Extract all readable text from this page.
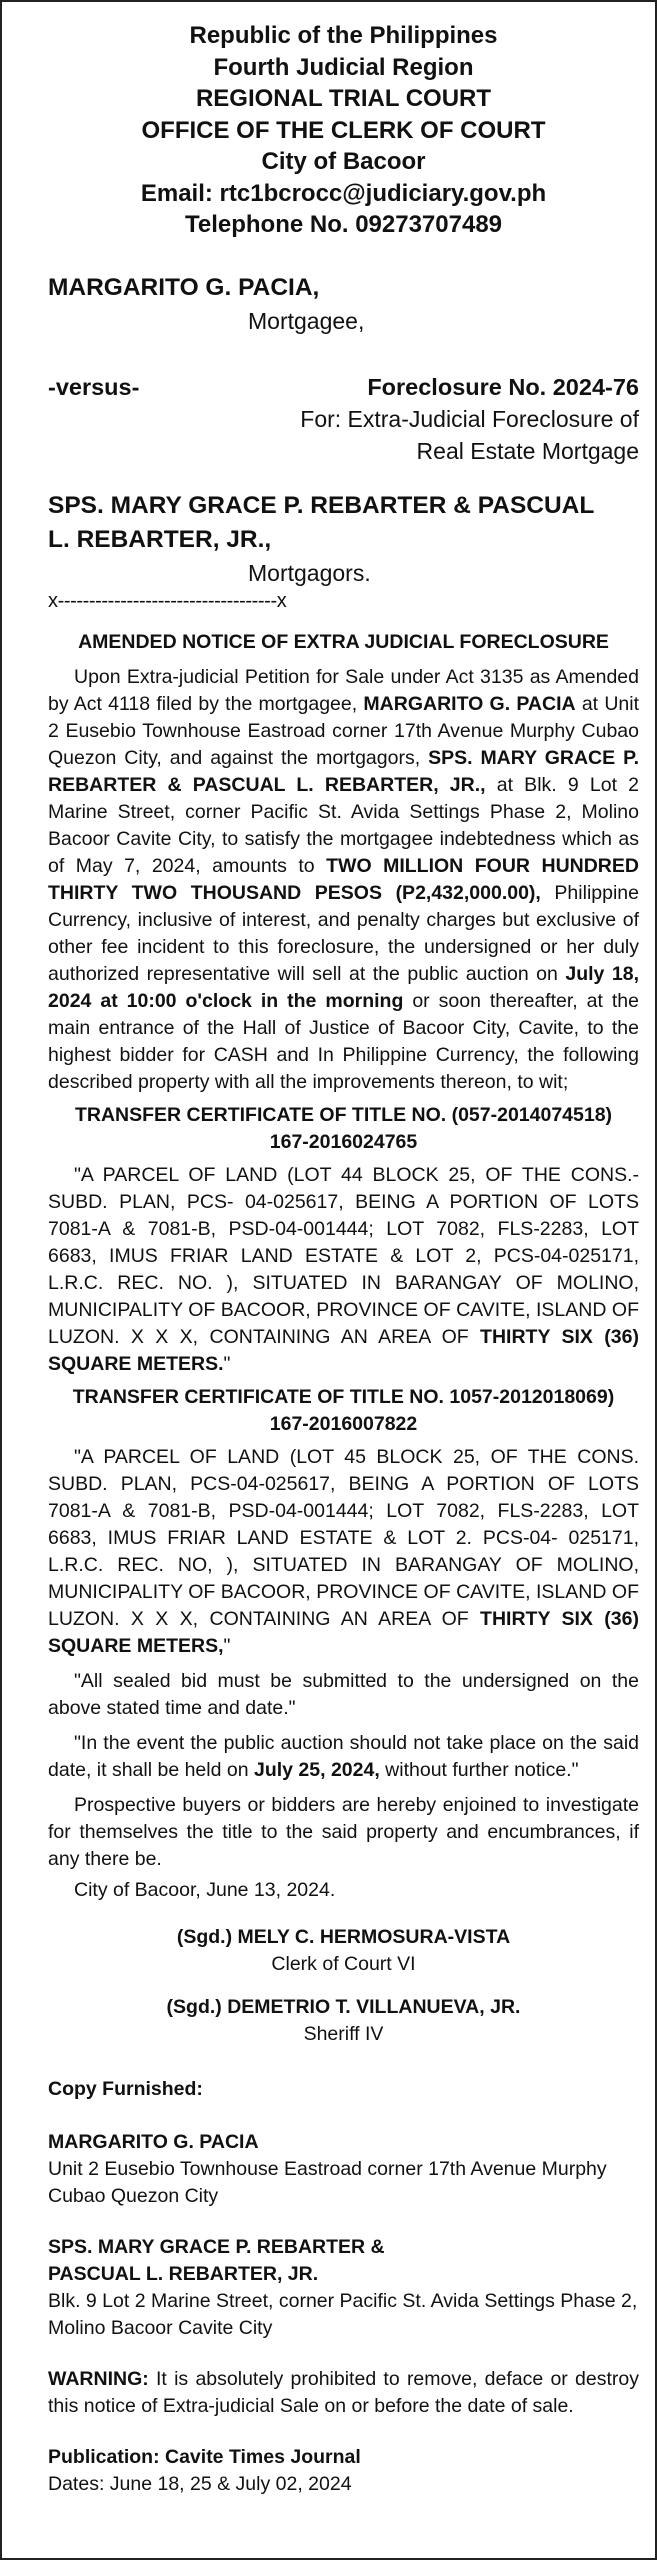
Republic of the Philippines
Fourth Judicial Region
REGIONAL TRIAL COURT
OFFICE OF THE CLERK OF COURT
City of Bacoor
Email: rtc1bcrocc@judiciary.gov.ph
Telephone No. 09273707489
MARGARITO G. PACIA,
Mortgagee,
-versus-	Foreclosure No. 2024-76
For: Extra-Judicial Foreclosure of
Real Estate Mortgage
SPS. MARY GRACE P. REBARTER & PASCUAL
L. REBARTER, JR.,
Mortgagors.
x-----------------------------------x
AMENDED NOTICE OF EXTRA JUDICIAL FORECLOSURE

Upon Extra-judicial Petition for Sale under Act 3135 as Amended by Act 4118 filed by the mortgagee, MARGARITO G. PACIA at Unit 2 Eusebio Townhouse Eastroad corner 17th Avenue Murphy Cubao Quezon City, and against the mortgagors, SPS. MARY GRACE P. REBARTER & PASCUAL L. REBARTER, JR., at Blk. 9 Lot 2 Marine Street, corner Pacific St. Avida Settings Phase 2, Molino Bacoor Cavite City, to satisfy the mortgagee indebtedness which as of May 7, 2024, amounts to TWO MILLION FOUR HUNDRED THIRTY TWO THOUSAND PESOS (P2,432,000.00), Philippine Currency, inclusive of interest, and penalty charges but exclusive of other fee incident to this foreclosure, the undersigned or her duly authorized representative will sell at the public auction on July 18, 2024 at 10:00 o'clock in the morning or soon thereafter, at the main entrance of the Hall of Justice of Bacoor City, Cavite, to the highest bidder for CASH and In Philippine Currency, the following described property with all the improvements thereon, to wit;

TRANSFER CERTIFICATE OF TITLE NO. (057-2014074518)
167-2016024765

"A PARCEL OF LAND (LOT 44 BLOCK 25, OF THE CONS.- SUBD. PLAN, PCS- 04-025617, BEING A PORTION OF LOTS 7081-A & 7081-B, PSD-04-001444; LOT 7082, FLS-2283, LOT 6683, IMUS FRIAR LAND ESTATE & LOT 2, PCS-04-025171, L.R.C. REC. NO. ), SITUATED IN BARANGAY OF MOLINO, MUNICIPALITY OF BACOOR, PROVINCE OF CAVITE, ISLAND OF LUZON. X X X, CONTAINING AN AREA OF THIRTY SIX (36) SQUARE METERS."

TRANSFER CERTIFICATE OF TITLE NO. 1057-2012018069)
167-2016007822

"A PARCEL OF LAND (LOT 45 BLOCK 25, OF THE CONS. SUBD. PLAN, PCS-04-025617, BEING A PORTION OF LOTS 7081-A & 7081-B, PSD-04-001444; LOT 7082, FLS-2283, LOT 6683, IMUS FRIAR LAND ESTATE & LOT 2. PCS-04- 025171, L.R.C. REC. NO, ), SITUATED IN BARANGAY OF MOLINO, MUNICIPALITY OF BACOOR, PROVINCE OF CAVITE, ISLAND OF LUZON. X X X, CONTAINING AN AREA OF THIRTY SIX (36) SQUARE METERS,"

"All sealed bid must be submitted to the undersigned on the above stated time and date."

"In the event the public auction should not take place on the said date, it shall be held on July 25, 2024, without further notice."

Prospective buyers or bidders are hereby enjoined to investigate for themselves the title to the said property and encumbrances, if any there be.

City of Bacoor, June 13, 2024.

(Sgd.) MELY C. HERMOSURA-VISTA
Clerk of Court VI
(Sgd.) DEMETRIO T. VILLANUEVA, JR.
Sheriff IV
Copy Furnished:
MARGARITO G. PACIA
Unit 2 Eusebio Townhouse Eastroad corner 17th Avenue Murphy Cubao Quezon City
SPS. MARY GRACE P. REBARTER &
PASCUAL L. REBARTER, JR.
Blk. 9 Lot 2 Marine Street, corner Pacific St. Avida Settings Phase 2, Molino Bacoor Cavite City

WARNING: It is absolutely prohibited to remove, deface or destroy this notice of Extra-judicial Sale on or before the date of sale.

Publication: Cavite Times Journal
Dates: June 18, 25 & July 02, 2024
